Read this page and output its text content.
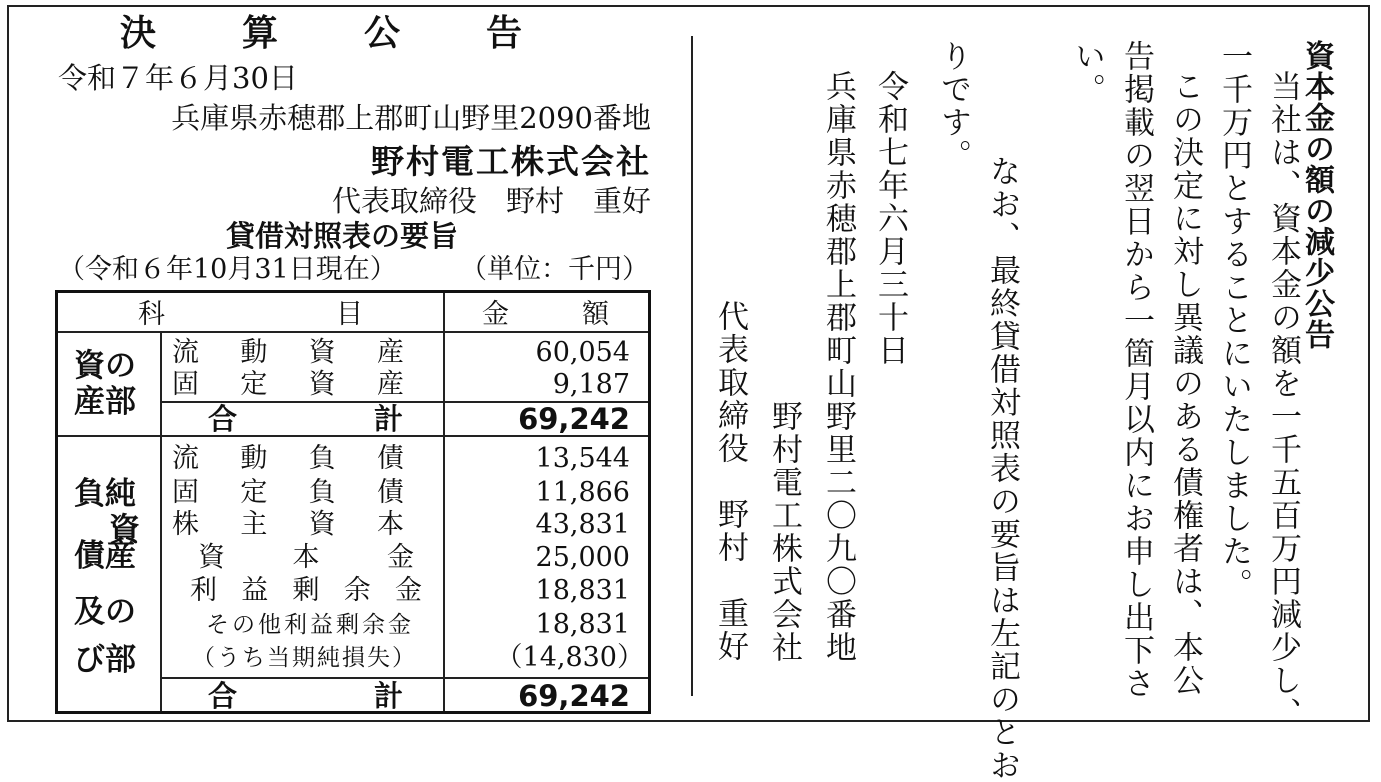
決算公告
令和７年６月30日
兵庫県赤穂郡上郡町山野里2090番地
野村電工株式会社
代表取締役　野村　重好
貸借対照表の要旨
（令和６年10月31日現在） （単位：千円）
科	目	金	額
資の
産部
流 動 資 産	60,054
固 定 資 産	9,187
合	計	69,242
負純
資
債産
及の
び部
流 動 負 債	13,544
固 定 負 債	11,866
株 主 資 本	43,831
資	本	金	25,000
利 益 剰 余 金	18,831
その他利益剰余金	18,831
（うち当期純損失）	（14,830）
合	計	69,242
資本金の額の減少公告
当社は、資本金の額を一千五百万円減少し、
一千万円とすることにいたしました。
この決定に対し異議のある債権者は、本公
告掲載の翌日から一箇月以内にお申し出下さ
い。
なお、最終貸借対照表の要旨は左記のとお
りです。
令和七年六月三十日
兵庫県赤穂郡上郡町山野里二〇九〇番地
野村電工株式会社
代表取締役　野村　重好
